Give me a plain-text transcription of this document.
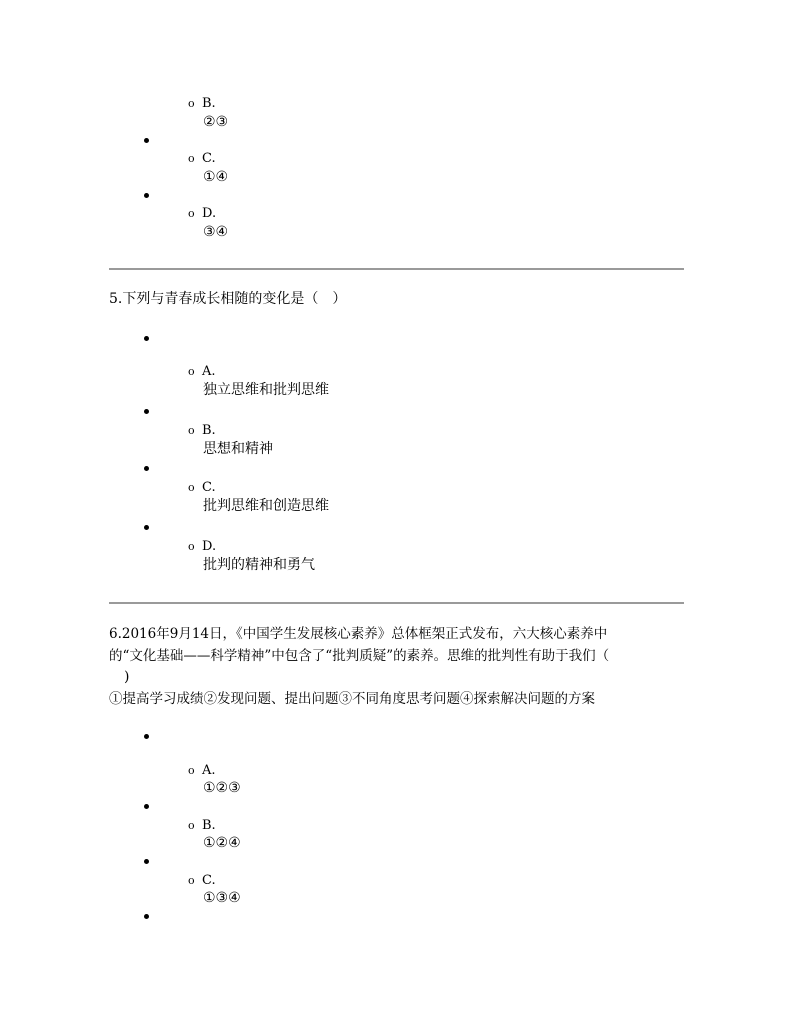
o B.
②③
o C.
①④
o D.
③④
5.下列与青春成长相随的变化是（　）
o A.
独立思维和批判思维
o B.
思想和精神
o C.
批判思维和创造思维
o D.
批判的精神和勇气
6.2016年9月14日，《中国学生发展核心素养》总体框架正式发布，六大核心素养中
的“文化基础——科学精神”中包含了“批判质疑”的素养。思维的批判性有助于我们（
)
①提高学习成绩②发现问题、提出问题③不同角度思考问题④探索解决问题的方案
o A.
①②③
o B.
①②④
o C.
①③④
